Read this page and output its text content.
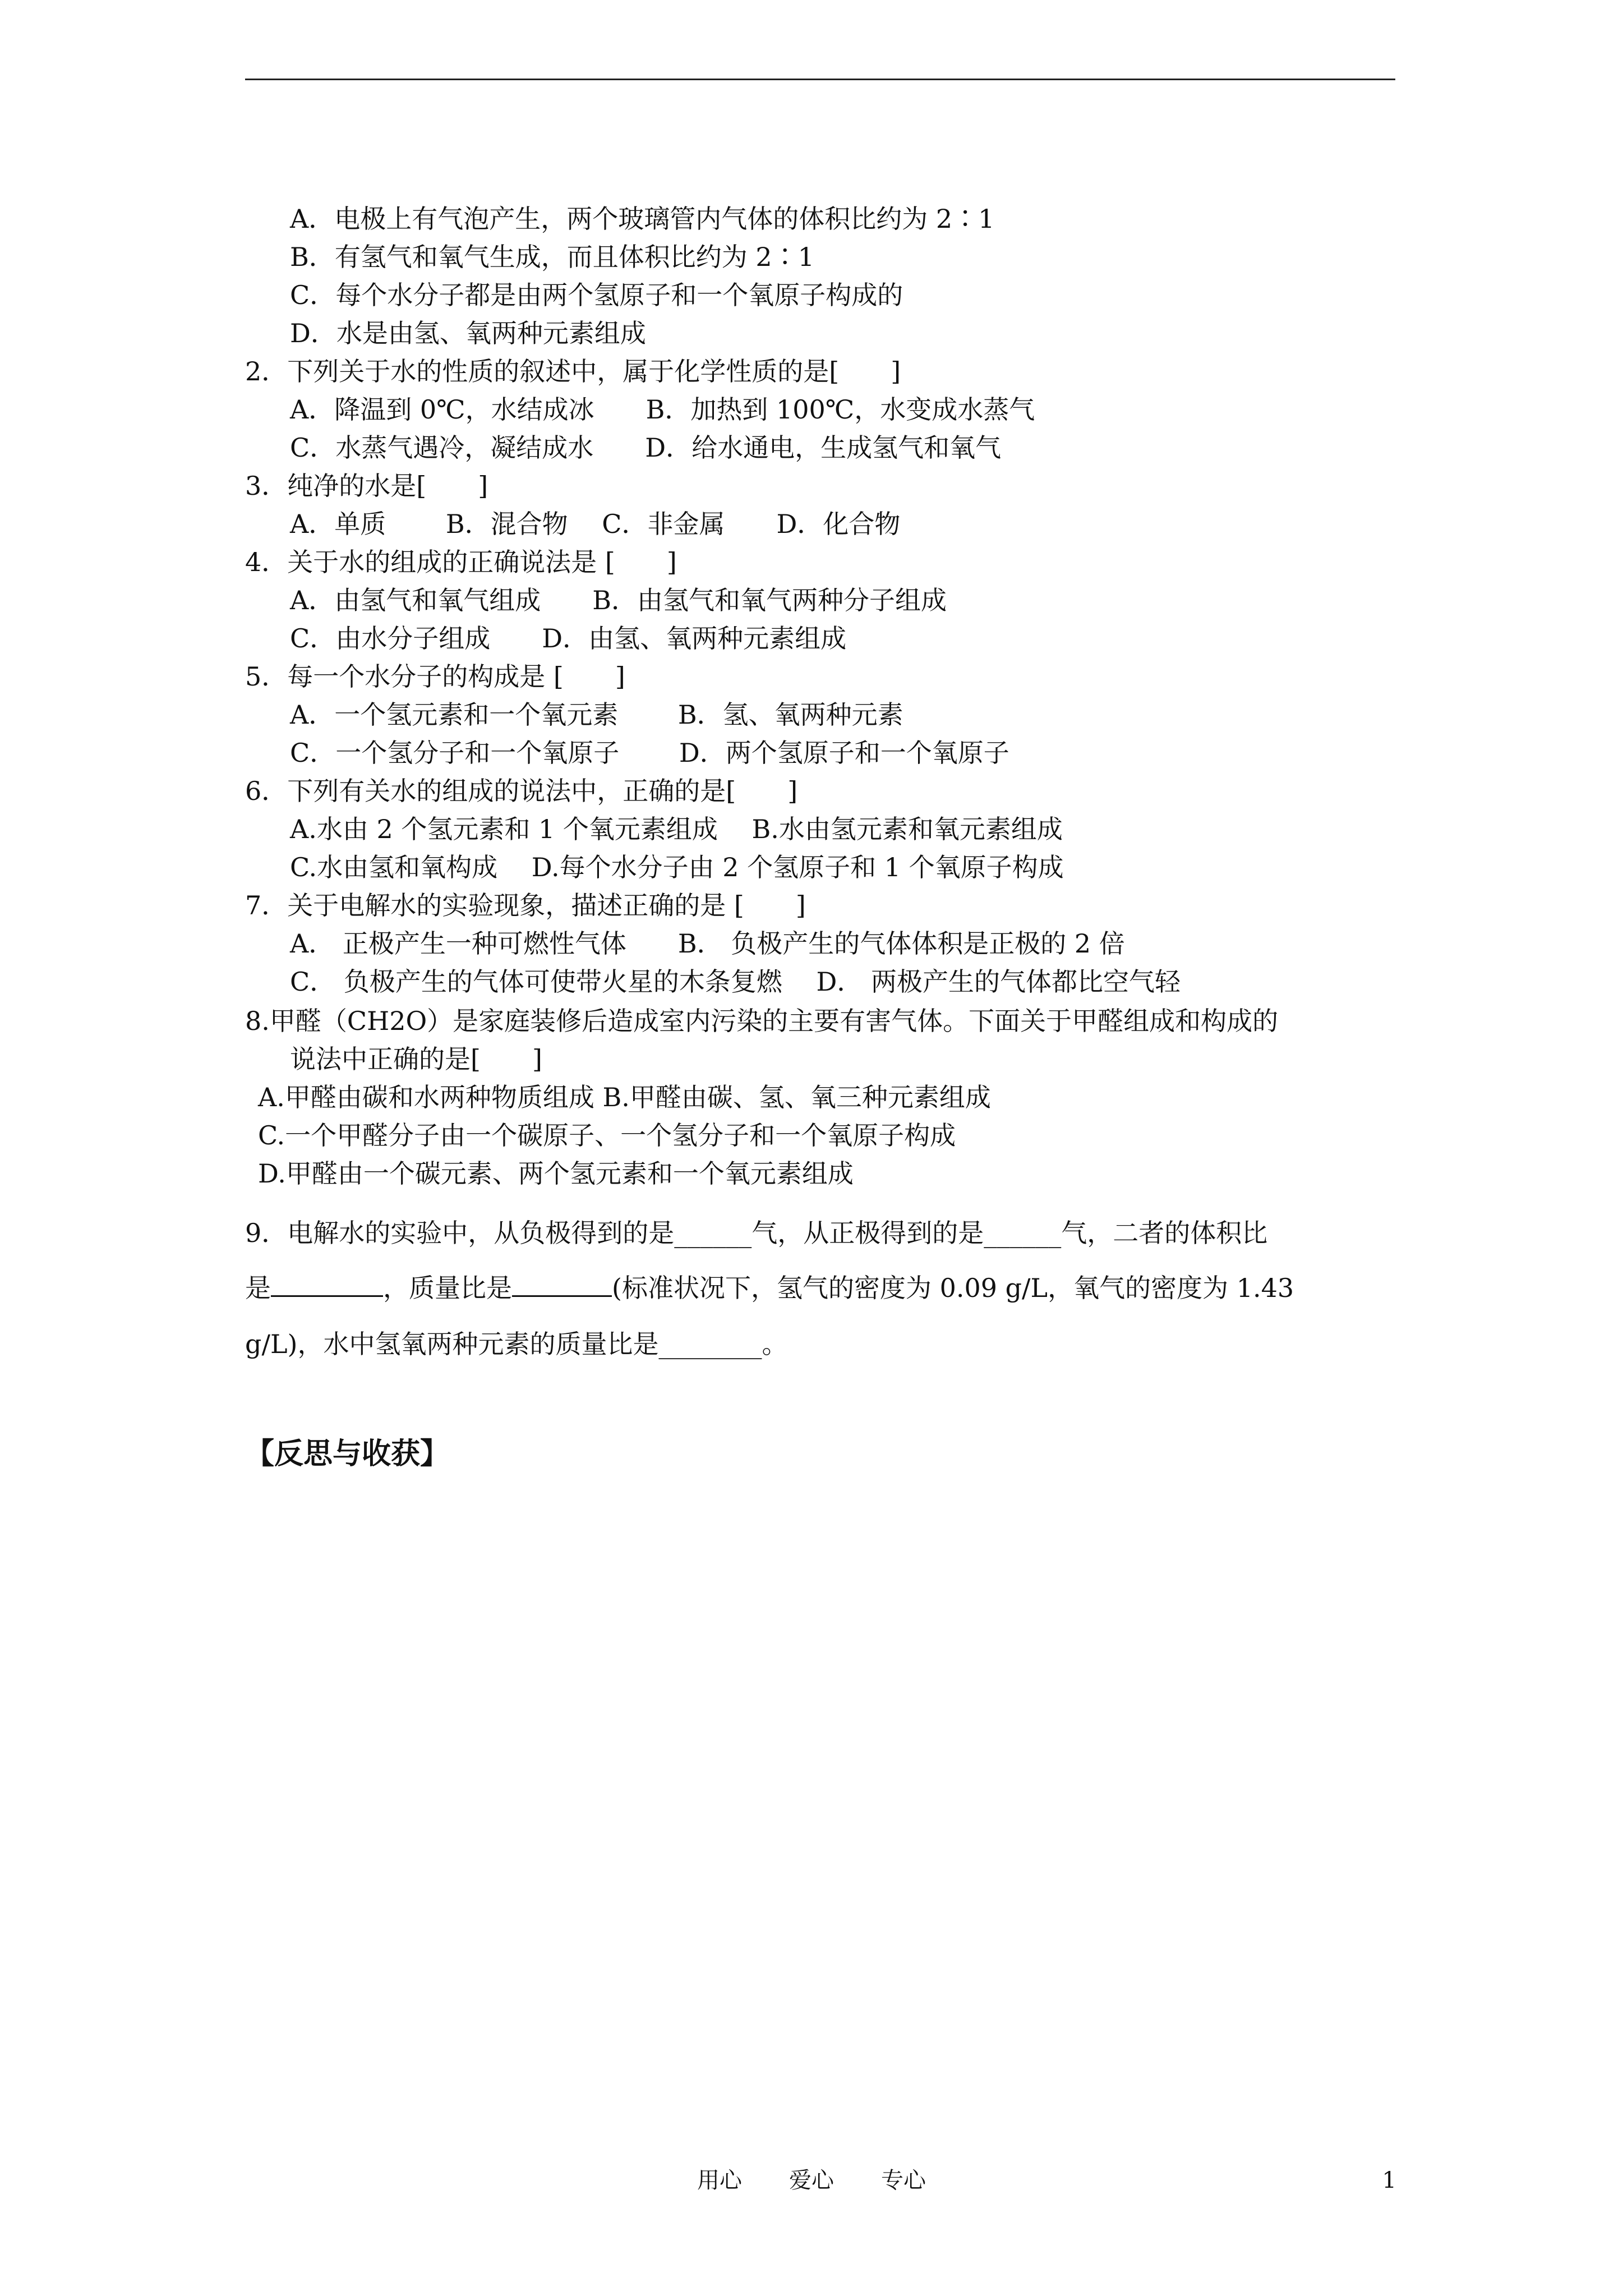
A．电极上有气泡产生，两个玻璃管内气体的体积比约为 2∶1
B．有氢气和氧气生成，而且体积比约为 2∶1
C．每个水分子都是由两个氢原子和一个氧原子构成的
D．水是由氢、氧两种元素组成
2．下列关于水的性质的叙述中，属于化学性质的是[　　]
A．降温到 0℃，水结成冰　　B．加热到 100℃，水变成水蒸气
C．水蒸气遇冷，凝结成水　　D．给水通电，生成氢气和氧气
3．纯净的水是[　　]
A．单质　　 B．混合物　 C．非金属　　D．化合物
4．关于水的组成的正确说法是 [　　]
A．由氢气和氧气组成　　B．由氢气和氧气两种分子组成
C．由水分子组成　　D．由氢、氧两种元素组成
5．每一个水分子的构成是 [　　]
A．一个氢元素和一个氧元素　　 B．氢、氧两种元素
C．一个氢分子和一个氧原子　　 D．两个氢原子和一个氧原子
6．下列有关水的组成的说法中，正确的是[　　]
A.水由 2 个氢元素和 1 个氧元素组成　 B.水由氢元素和氧元素组成
C.水由氢和氧构成　 D.每个水分子由 2 个氢原子和 1 个氧原子构成
7．关于电解水的实验现象，描述正确的是 [　　]
A． 正极产生一种可燃性气体　　B． 负极产生的气体体积是正极的 2 倍
C． 负极产生的气体可使带火星的木条复燃　 D． 两极产生的气体都比空气轻
8.甲醛（CH2O）是家庭装修后造成室内污染的主要有害气体。下面关于甲醛组成和构成的
说法中正确的是[　　]
A.甲醛由碳和水两种物质组成 B.甲醛由碳、氢、氧三种元素组成
C.一个甲醛分子由一个碳原子、一个氢分子和一个氧原子构成
D.甲醛由一个碳元素、两个氢元素和一个氧元素组成
9．电解水的实验中，从负极得到的是______气，从正极得到的是______气，二者的体积比
是	，质量比是	(标准状况下，氢气的密度为 0.09 g/L，氧气的密度为 1.43
g/L)，水中氢氧两种元素的质量比是________。
【反思与收获】
用心 爱心 专心	1
